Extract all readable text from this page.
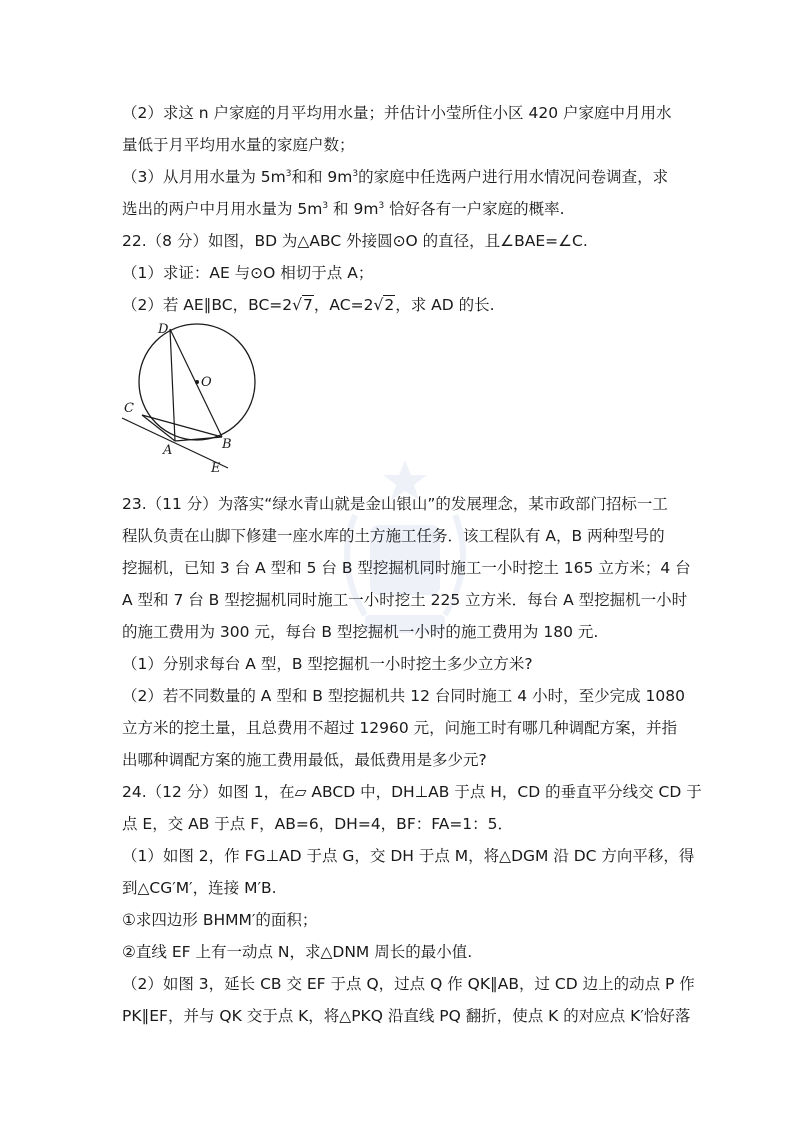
（2）求这 n 户家庭的月平均用水量；并估计小莹所住小区 420 户家庭中月用水
量低于月平均用水量的家庭户数；
（3）从月用水量为 $5m^3$和和 $9m^3$的家庭中任选两户进行用水情况问卷调查，求
选出的两户中月用水量为 $5m^3$ 和 $9m^3$ 恰好各有一户家庭的概率.
22.（8 分）如图，BD 为△ABC 外接圆⊙O 的直径，且∠BAE=∠C.
（1）求证：AE 与⊙O 相切于点 A；
（2）若 AE∥BC，BC=2√7，AC=2√2，求 AD 的长.
D
O
C
B
A
E
23.（11 分）为落实“绿水青山就是金山银山”的发展理念，某市政部门招标一工
程队负责在山脚下修建一座水库的土方施工任务．该工程队有 A，B 两种型号的
挖掘机，已知 3 台 A 型和 5 台 B 型挖掘机同时施工一小时挖土 165 立方米；4 台
A 型和 7 台 B 型挖掘机同时施工一小时挖土 225 立方米．每台 A 型挖掘机一小时
的施工费用为 300 元，每台 B 型挖掘机一小时的施工费用为 180 元.
（1）分别求每台 A 型，B 型挖掘机一小时挖土多少立方米?
（2）若不同数量的 A 型和 B 型挖掘机共 12 台同时施工 4 小时，至少完成 1080
立方米的挖土量，且总费用不超过 12960 元，问施工时有哪几种调配方案，并指
出哪种调配方案的施工费用最低，最低费用是多少元?
24.（12 分）如图 1，在▱ ABCD 中，DH⊥AB 于点 H，CD 的垂直平分线交 CD 于
点 E，交 AB 于点 F，AB=6，DH=4，BF：FA=1：5．
（1）如图 2，作 FG⊥AD 于点 G，交 DH 于点 M，将△DGM 沿 DC 方向平移，得
到△CG′M′，连接 M′B.
①求四边形 BHMM′的面积；
②直线 EF 上有一动点 N，求△DNM 周长的最小值.
（2）如图 3，延长 CB 交 EF 于点 Q，过点 Q 作 QK∥AB，过 CD 边上的动点 P 作
PK∥EF，并与 QK 交于点 K，将△PKQ 沿直线 PQ 翻折，使点 K 的对应点 K′恰好落
